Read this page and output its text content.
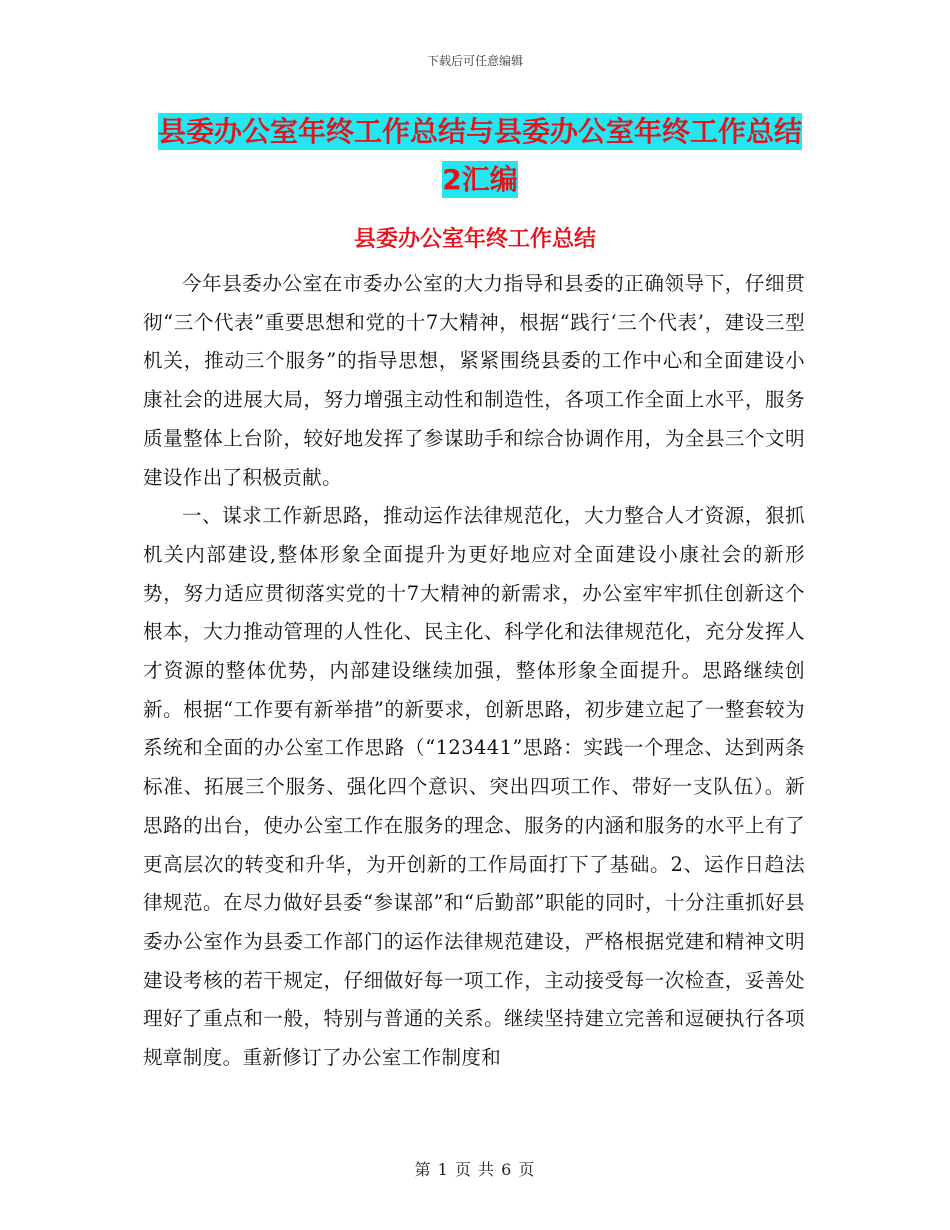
下载后可任意编辑
县委办公室年终工作总结与县委办公室年终工作总结
2汇编
县委办公室年终工作总结

今年县委办公室在市委办公室的大力指导和县委的正确领导下，仔细贯彻“三个代表”重要思想和党的十7大精神，根据“践行‘三个代表’，建设三型机关，推动三个服务”的指导思想，紧紧围绕县委的工作中心和全面建设小康社会的进展大局，努力增强主动性和制造性，各项工作全面上水平，服务质量整体上台阶，较好地发挥了参谋助手和综合协调作用，为全县三个文明建设作出了积极贡献。

一、谋求工作新思路，推动运作法律规范化，大力整合人才资源，狠抓机关内部建设,整体形象全面提升为更好地应对全面建设小康社会的新形势，努力适应贯彻落实党的十7大精神的新需求，办公室牢牢抓住创新这个根本，大力推动管理的人性化、民主化、科学化和法律规范化，充分发挥人才资源的整体优势，内部建设继续加强，整体形象全面提升。思路继续创新。根据“工作要有新举措”的新要求，创新思路，初步建立起了一整套较为系统和全面的办公室工作思路（“123441”思路：实践一个理念、达到两条标准、拓展三个服务、强化四个意识、突出四项工作、带好一支队伍）。新思路的出台，使办公室工作在服务的理念、服务的内涵和服务的水平上有了更高层次的转变和升华，为开创新的工作局面打下了基础。2、运作日趋法律规范。在尽力做好县委“参谋部”和“后勤部”职能的同时，十分注重抓好县委办公室作为县委工作部门的运作法律规范建设，严格根据党建和精神文明建设考核的若干规定，仔细做好每一项工作，主动接受每一次检查，妥善处理好了重点和一般，特别与普通的关系。继续坚持建立完善和逗硬执行各项规章制度。重新修订了办公室工作制度和

第 1 页 共 6 页
